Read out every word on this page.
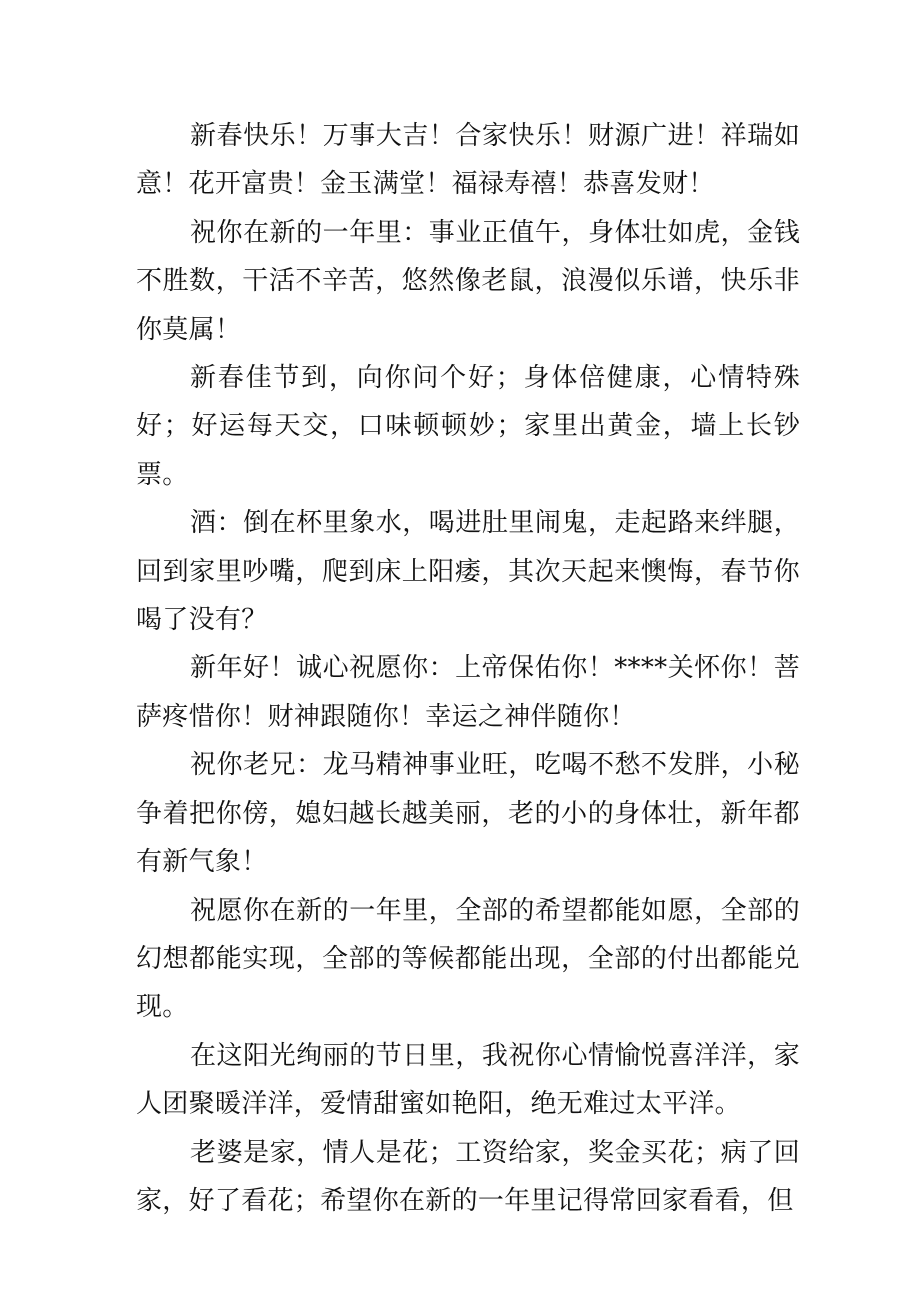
新春快乐！万事大吉！合家快乐！财源广进！祥瑞如意！花开富贵！金玉满堂！福禄寿禧！恭喜发财！

祝你在新的一年里：事业正值午，身体壮如虎，金钱不胜数，干活不辛苦，悠然像老鼠，浪漫似乐谱，快乐非你莫属！

新春佳节到，向你问个好；身体倍健康，心情特殊好；好运每天交，口味顿顿妙；家里出黄金，墙上长钞票。

酒：倒在杯里象水，喝进肚里闹鬼，走起路来绊腿，回到家里吵嘴，爬到床上阳痿，其次天起来懊悔，春节你喝了没有？

新年好！诚心祝愿你：上帝保佑你！****关怀你！菩萨疼惜你！财神跟随你！幸运之神伴随你！

祝你老兄：龙马精神事业旺，吃喝不愁不发胖，小秘争着把你傍，媳妇越长越美丽，老的小的身体壮，新年都有新气象！

祝愿你在新的一年里，全部的希望都能如愿，全部的幻想都能实现，全部的等候都能出现，全部的付出都能兑现。

在这阳光绚丽的节日里，我祝你心情愉悦喜洋洋，家人团聚暖洋洋，爱情甜蜜如艳阳，绝无难过太平洋。

老婆是家，情人是花；工资给家，奖金买花；病了回家，好了看花；希望你在新的一年里记得常回家看看，但
